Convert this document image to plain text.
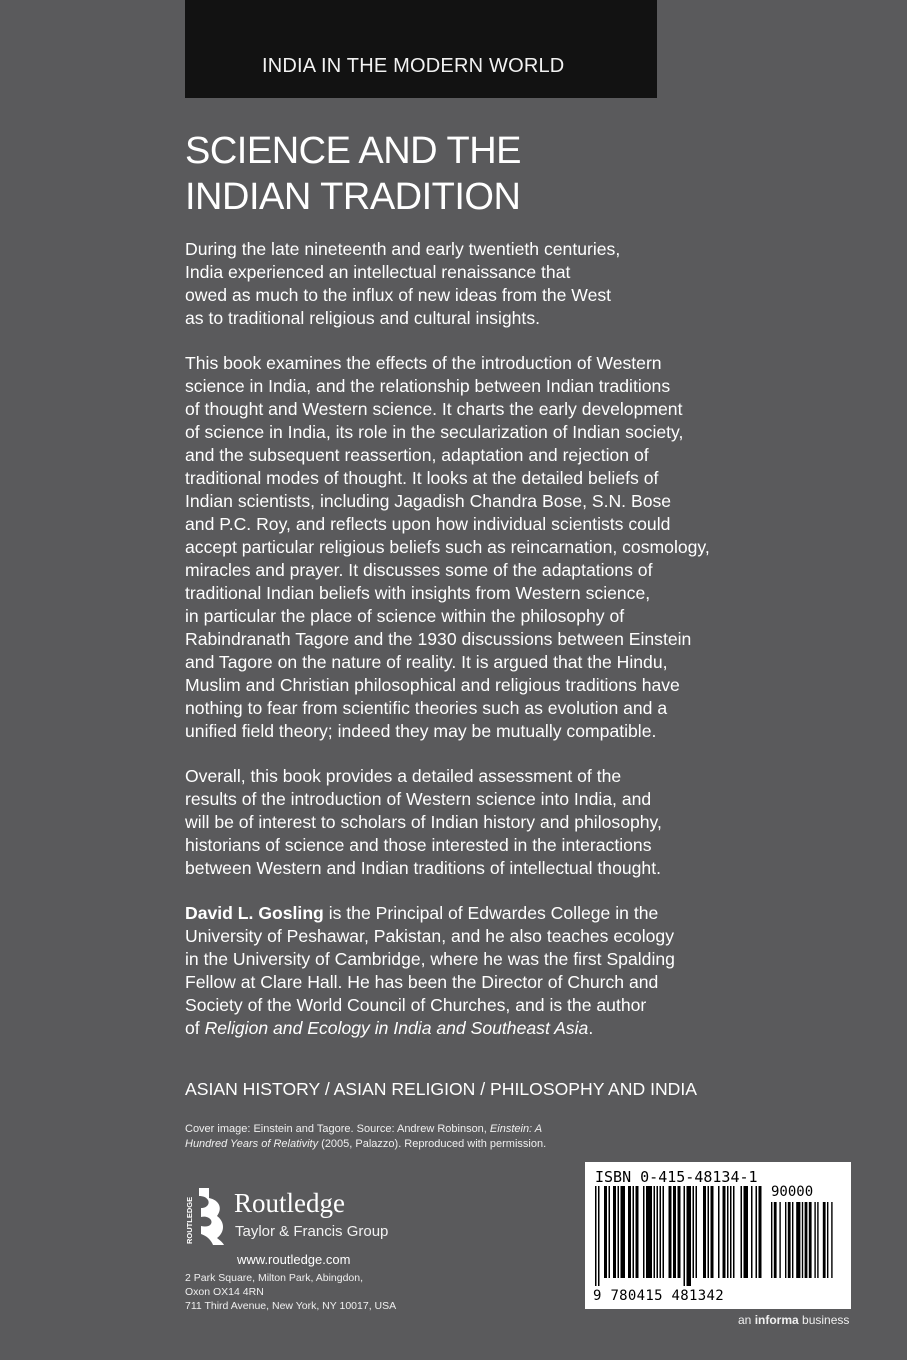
INDIA IN THE MODERN WORLD
SCIENCE AND THE
INDIAN TRADITION

During the late nineteenth and early twentieth centuries,
India experienced an intellectual renaissance that
owed as much to the influx of new ideas from the West
as to traditional religious and cultural insights.

This book examines the effects of the introduction of Western
science in India, and the relationship between Indian traditions
of thought and Western science. It charts the early development
of science in India, its role in the secularization of Indian society,
and the subsequent reassertion, adaptation and rejection of
traditional modes of thought. It looks at the detailed beliefs of
Indian scientists, including Jagadish Chandra Bose, S.N. Bose
and P.C. Roy, and reflects upon how individual scientists could
accept particular religious beliefs such as reincarnation, cosmology,
miracles and prayer. It discusses some of the adaptations of
traditional Indian beliefs with insights from Western science,
in particular the place of science within the philosophy of
Rabindranath Tagore and the 1930 discussions between Einstein
and Tagore on the nature of reality. It is argued that the Hindu,
Muslim and Christian philosophical and religious traditions have
nothing to fear from scientific theories such as evolution and a
unified field theory; indeed they may be mutually compatible.

Overall, this book provides a detailed assessment of the
results of the introduction of Western science into India, and
will be of interest to scholars of Indian history and philosophy,
historians of science and those interested in the interactions
between Western and Indian traditions of intellectual thought.

David L. Gosling is the Principal of Edwardes College in the
University of Peshawar, Pakistan, and he also teaches ecology
in the University of Cambridge, where he was the first Spalding
Fellow at Clare Hall. He has been the Director of Church and
Society of the World Council of Churches, and is the author
of Religion and Ecology in India and Southeast Asia.

ASIAN HISTORY / ASIAN RELIGION / PHILOSOPHY AND INDIA
Cover image: Einstein and Tagore. Source: Andrew Robinson, Einstein: A
Hundred Years of Relativity (2005, Palazzo). Reproduced with permission.
ROUTLEDGE Routledge
Taylor & Francis Group
www.routledge.com
2 Park Square, Milton Park, Abingdon,
Oxon OX14 4RN
711 Third Avenue, New York, NY 10017, USA
ISBN 0-415-48134-1
90000
9 780415 481342
an informa business
